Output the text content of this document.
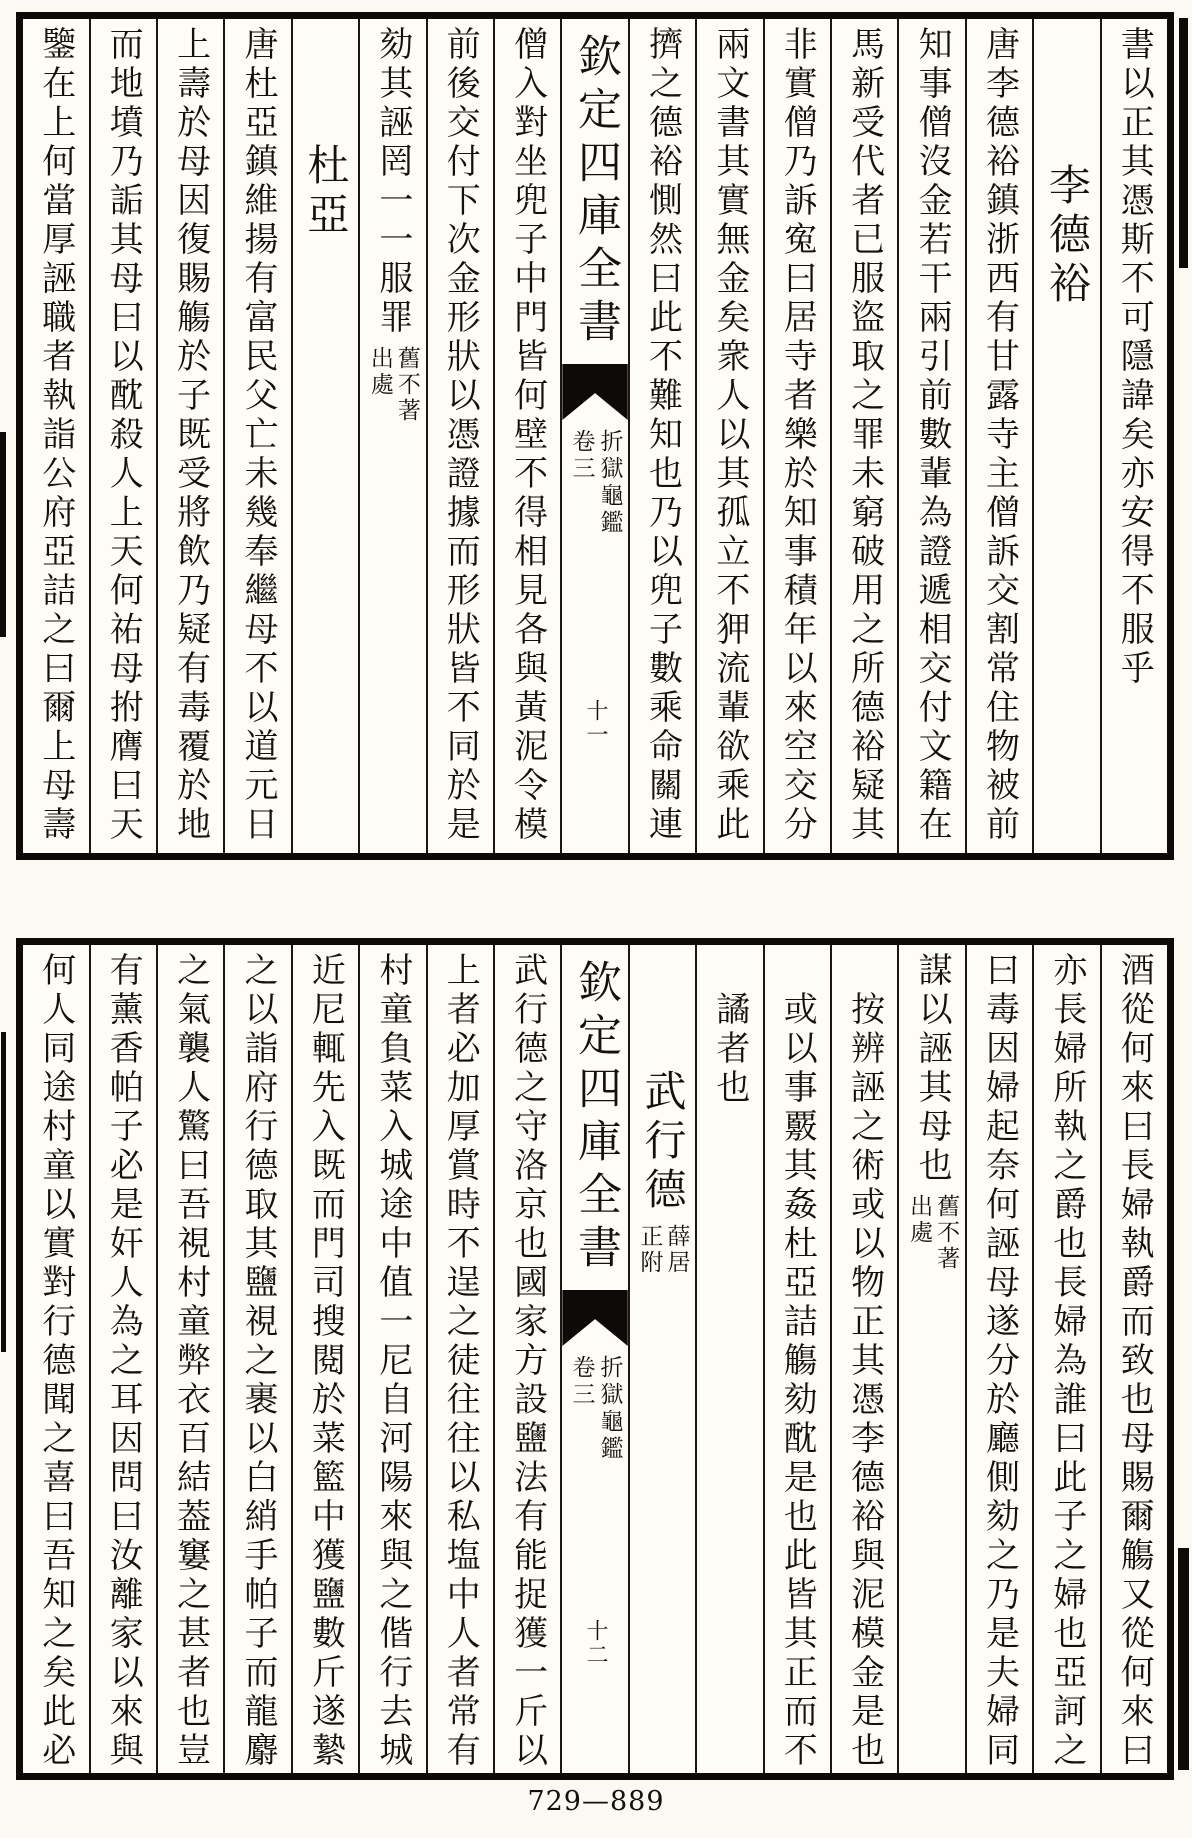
書以正其憑斯不可隱諱矣亦安得不服乎
李德裕
唐李德裕鎮浙西有甘露寺主僧訴交割常住物被前
知事僧沒金若干兩引前數輩為證遞相交付文籍在
馬新受代者已服盜取之罪未窮破用之所德裕疑其
非實僧乃訴寃曰居寺者樂於知事積年以來空交分
兩文書其實無金矣衆人以其孤立不狎流輩欲乘此
擠之德裕惻然曰此不難知也乃以兜子數乘命關連
欽定四庫全書
折獄龜鑑
卷三
十一
僧入對坐兜子中門皆何壁不得相見各與黃泥令模
前後交付下次金形狀以憑證據而形狀皆不同於是
劾其誣罔一一服罪
舊不著
出處
杜亞
唐杜亞鎮維揚有富民父亡未幾奉繼母不以道元日
上壽於母因復賜觴於子既受將飲乃疑有毒覆於地
而地墳乃詬其母曰以酖殺人上天何祐母拊膺曰天
鑒在上何當厚誣職者執詣公府亞詰之曰爾上母壽
酒從何來曰長婦執爵而致也母賜爾觴又從何來曰
亦長婦所執之爵也長婦為誰曰此子之婦也亞訶之
曰毒因婦起奈何誣母遂分於廳側劾之乃是夫婦同
謀以誣其母也
舊不著
出處
按辨誣之術或以物正其憑李德裕與泥模金是也
或以事覈其姦杜亞詰觴劾酖是也此皆其正而不
譎者也
武行德
薛居
正附
欽定四庫全書
折獄龜鑑
卷三
十二
武行德之守洛京也國家方設鹽法有能捉獲一斤以
上者必加厚賞時不逞之徒往往以私塩中人者常有
村童負菜入城途中值一尼自河陽來與之偕行去城
近尼輒先入既而門司搜閱於菜籃中獲鹽數斤遂縶
之以詣府行德取其鹽視之裹以白綃手帕子而龍麝
之氣襲人驚曰吾視村童弊衣百結葢窶之甚者也豈
有薰香帕子必是奸人為之耳因問曰汝離家以來與
何人同途村童以實對行德聞之喜曰吾知之矣此必
729—889
